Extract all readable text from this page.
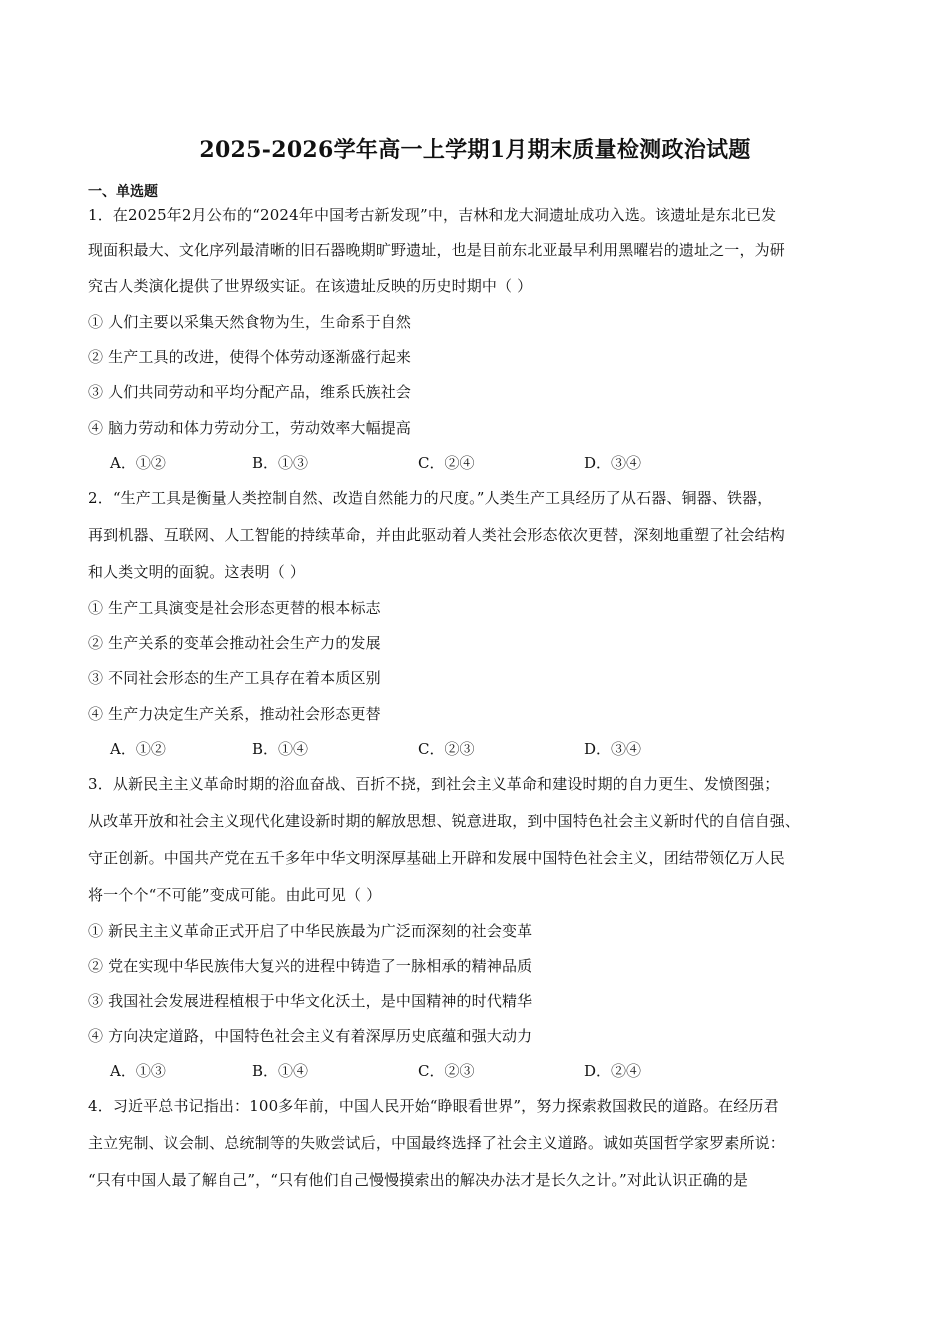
2025-2026学年高一上学期1月期末质量检测政治试题
一、单选题
1．在2025年2月公布的“2024年中国考古新发现”中，吉林和龙大洞遗址成功入选。该遗址是东北已发
现面积最大、文化序列最清晰的旧石器晚期旷野遗址，也是目前东北亚最早利用黑曜岩的遗址之一，为研
究古人类演化提供了世界级实证。在该遗址反映的历史时期中（ ）
① 人们主要以采集天然食物为生，生命系于自然
② 生产工具的改进，使得个体劳动逐渐盛行起来
③ 人们共同劳动和平均分配产品，维系氏族社会
④ 脑力劳动和体力劳动分工，劳动效率大幅提高
A．①②	B．①③	C．②④	D．③④
2．“生产工具是衡量人类控制自然、改造自然能力的尺度。”人类生产工具经历了从石器、铜器、铁器，
再到机器、互联网、人工智能的持续革命，并由此驱动着人类社会形态依次更替，深刻地重塑了社会结构
和人类文明的面貌。这表明（ ）
① 生产工具演变是社会形态更替的根本标志
② 生产关系的变革会推动社会生产力的发展
③ 不同社会形态的生产工具存在着本质区别
④ 生产力决定生产关系，推动社会形态更替
A．①②	B．①④	C．②③	D．③④
3．从新民主主义革命时期的浴血奋战、百折不挠，到社会主义革命和建设时期的自力更生、发愤图强；
从改革开放和社会主义现代化建设新时期的解放思想、锐意进取，到中国特色社会主义新时代的自信自强、
守正创新。中国共产党在五千多年中华文明深厚基础上开辟和发展中国特色社会主义，团结带领亿万人民
将一个个“不可能”变成可能。由此可见（ ）
① 新民主主义革命正式开启了中华民族最为广泛而深刻的社会变革
② 党在实现中华民族伟大复兴的进程中铸造了一脉相承的精神品质
③ 我国社会发展进程植根于中华文化沃土，是中国精神的时代精华
④ 方向决定道路，中国特色社会主义有着深厚历史底蕴和强大动力
A．①③	B．①④	C．②③	D．②④
4．习近平总书记指出：100多年前，中国人民开始“睁眼看世界”，努力探索救国救民的道路。在经历君
主立宪制、议会制、总统制等的失败尝试后，中国最终选择了社会主义道路。诚如英国哲学家罗素所说：
“只有中国人最了解自己”，“只有他们自己慢慢摸索出的解决办法才是长久之计。”对此认识正确的是
